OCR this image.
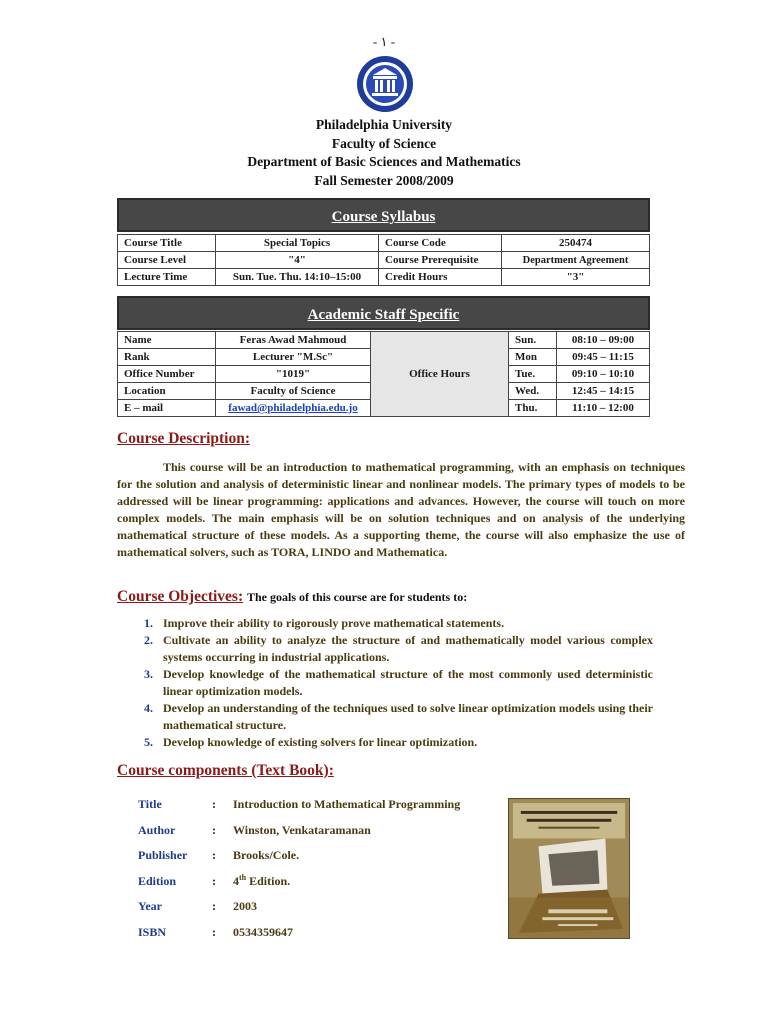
- ١ -
Philadelphia University
Faculty of Science
Department of Basic Sciences and Mathematics
Fall Semester 2008/2009
Course Syllabus
Course Title	Special Topics	Course Code	250474
Course Level	"4"	Course Prerequisite	Department Agreement
Lecture Time	Sun. Tue. Thu. 14:10–15:00	Credit Hours	"3"
Academic Staff Specific
Name	Feras Awad Mahmoud	Office Hours	Sun.	08:10 – 09:00
Rank	Lecturer "M.Sc"		Mon	09:45 – 11:15
Office Number	"1019"		Tue.	09:10 – 10:10
Location	Faculty of Science		Wed.	12:45 – 14:15
E – mail	fawad@philadelphia.edu.jo		Thu.	11:10 – 12:00
Course Description:

This course will be an introduction to mathematical programming, with an emphasis on techniques for the solution and analysis of deterministic linear and nonlinear models. The primary types of models to be addressed will be linear programming: applications and advances. However, the course will touch on more complex models. The main emphasis will be on solution techniques and on analysis of the underlying mathematical structure of these models. As a supporting theme, the course will also emphasize the use of mathematical solvers, such as TORA, LINDO and Mathematica.

Course Objectives: The goals of this course are for students to:
1. Improve their ability to rigorously prove mathematical statements.
2. Cultivate an ability to analyze the structure of and mathematically model various complex systems occurring in industrial applications.
3. Develop knowledge of the mathematical structure of the most commonly used deterministic linear optimization models.
4. Develop an understanding of the techniques used to solve linear optimization models using their mathematical structure.
5. Develop knowledge of existing solvers for linear optimization.
Course components (Text Book):
Title	:	Introduction to Mathematical Programming
Author	:	Winston, Venkataramanan
Publisher	:	Brooks/Cole.
Edition	:	4th Edition.
Year	:	2003
ISBN	:	0534359647
